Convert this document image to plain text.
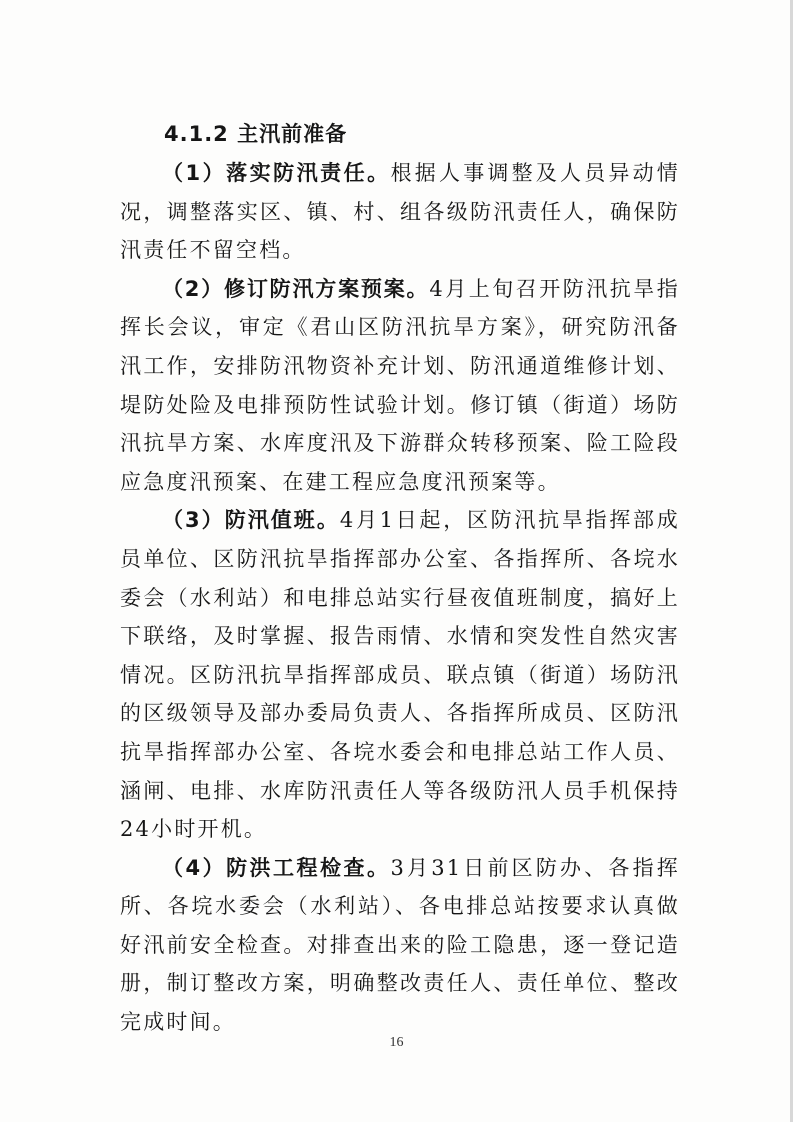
4.1.2 主汛前准备

（1）落实防汛责任。根据人事调整及人员异动情况，调整落实区、镇、村、组各级防汛责任人，确保防汛责任不留空档。

（2）修订防汛方案预案。4月上旬召开防汛抗旱指挥长会议，审定《君山区防汛抗旱方案》，研究防汛备汛工作，安排防汛物资补充计划、防汛通道维修计划、堤防处险及电排预防性试验计划。修订镇（街道）场防汛抗旱方案、水库度汛及下游群众转移预案、险工险段应急度汛预案、在建工程应急度汛预案等。

（3）防汛值班。4月1日起，区防汛抗旱指挥部成员单位、区防汛抗旱指挥部办公室、各指挥所、各垸水委会（水利站）和电排总站实行昼夜值班制度，搞好上下联络，及时掌握、报告雨情、水情和突发性自然灾害情况。区防汛抗旱指挥部成员、联点镇（街道）场防汛的区级领导及部办委局负责人、各指挥所成员、区防汛抗旱指挥部办公室、各垸水委会和电排总站工作人员、涵闸、电排、水库防汛责任人等各级防汛人员手机保持24小时开机。

（4）防洪工程检查。3月31日前区防办、各指挥所、各垸水委会（水利站）、各电排总站按要求认真做好汛前安全检查。对排查出来的险工隐患，逐一登记造册，制订整改方案，明确整改责任人、责任单位、整改完成时间。

16
